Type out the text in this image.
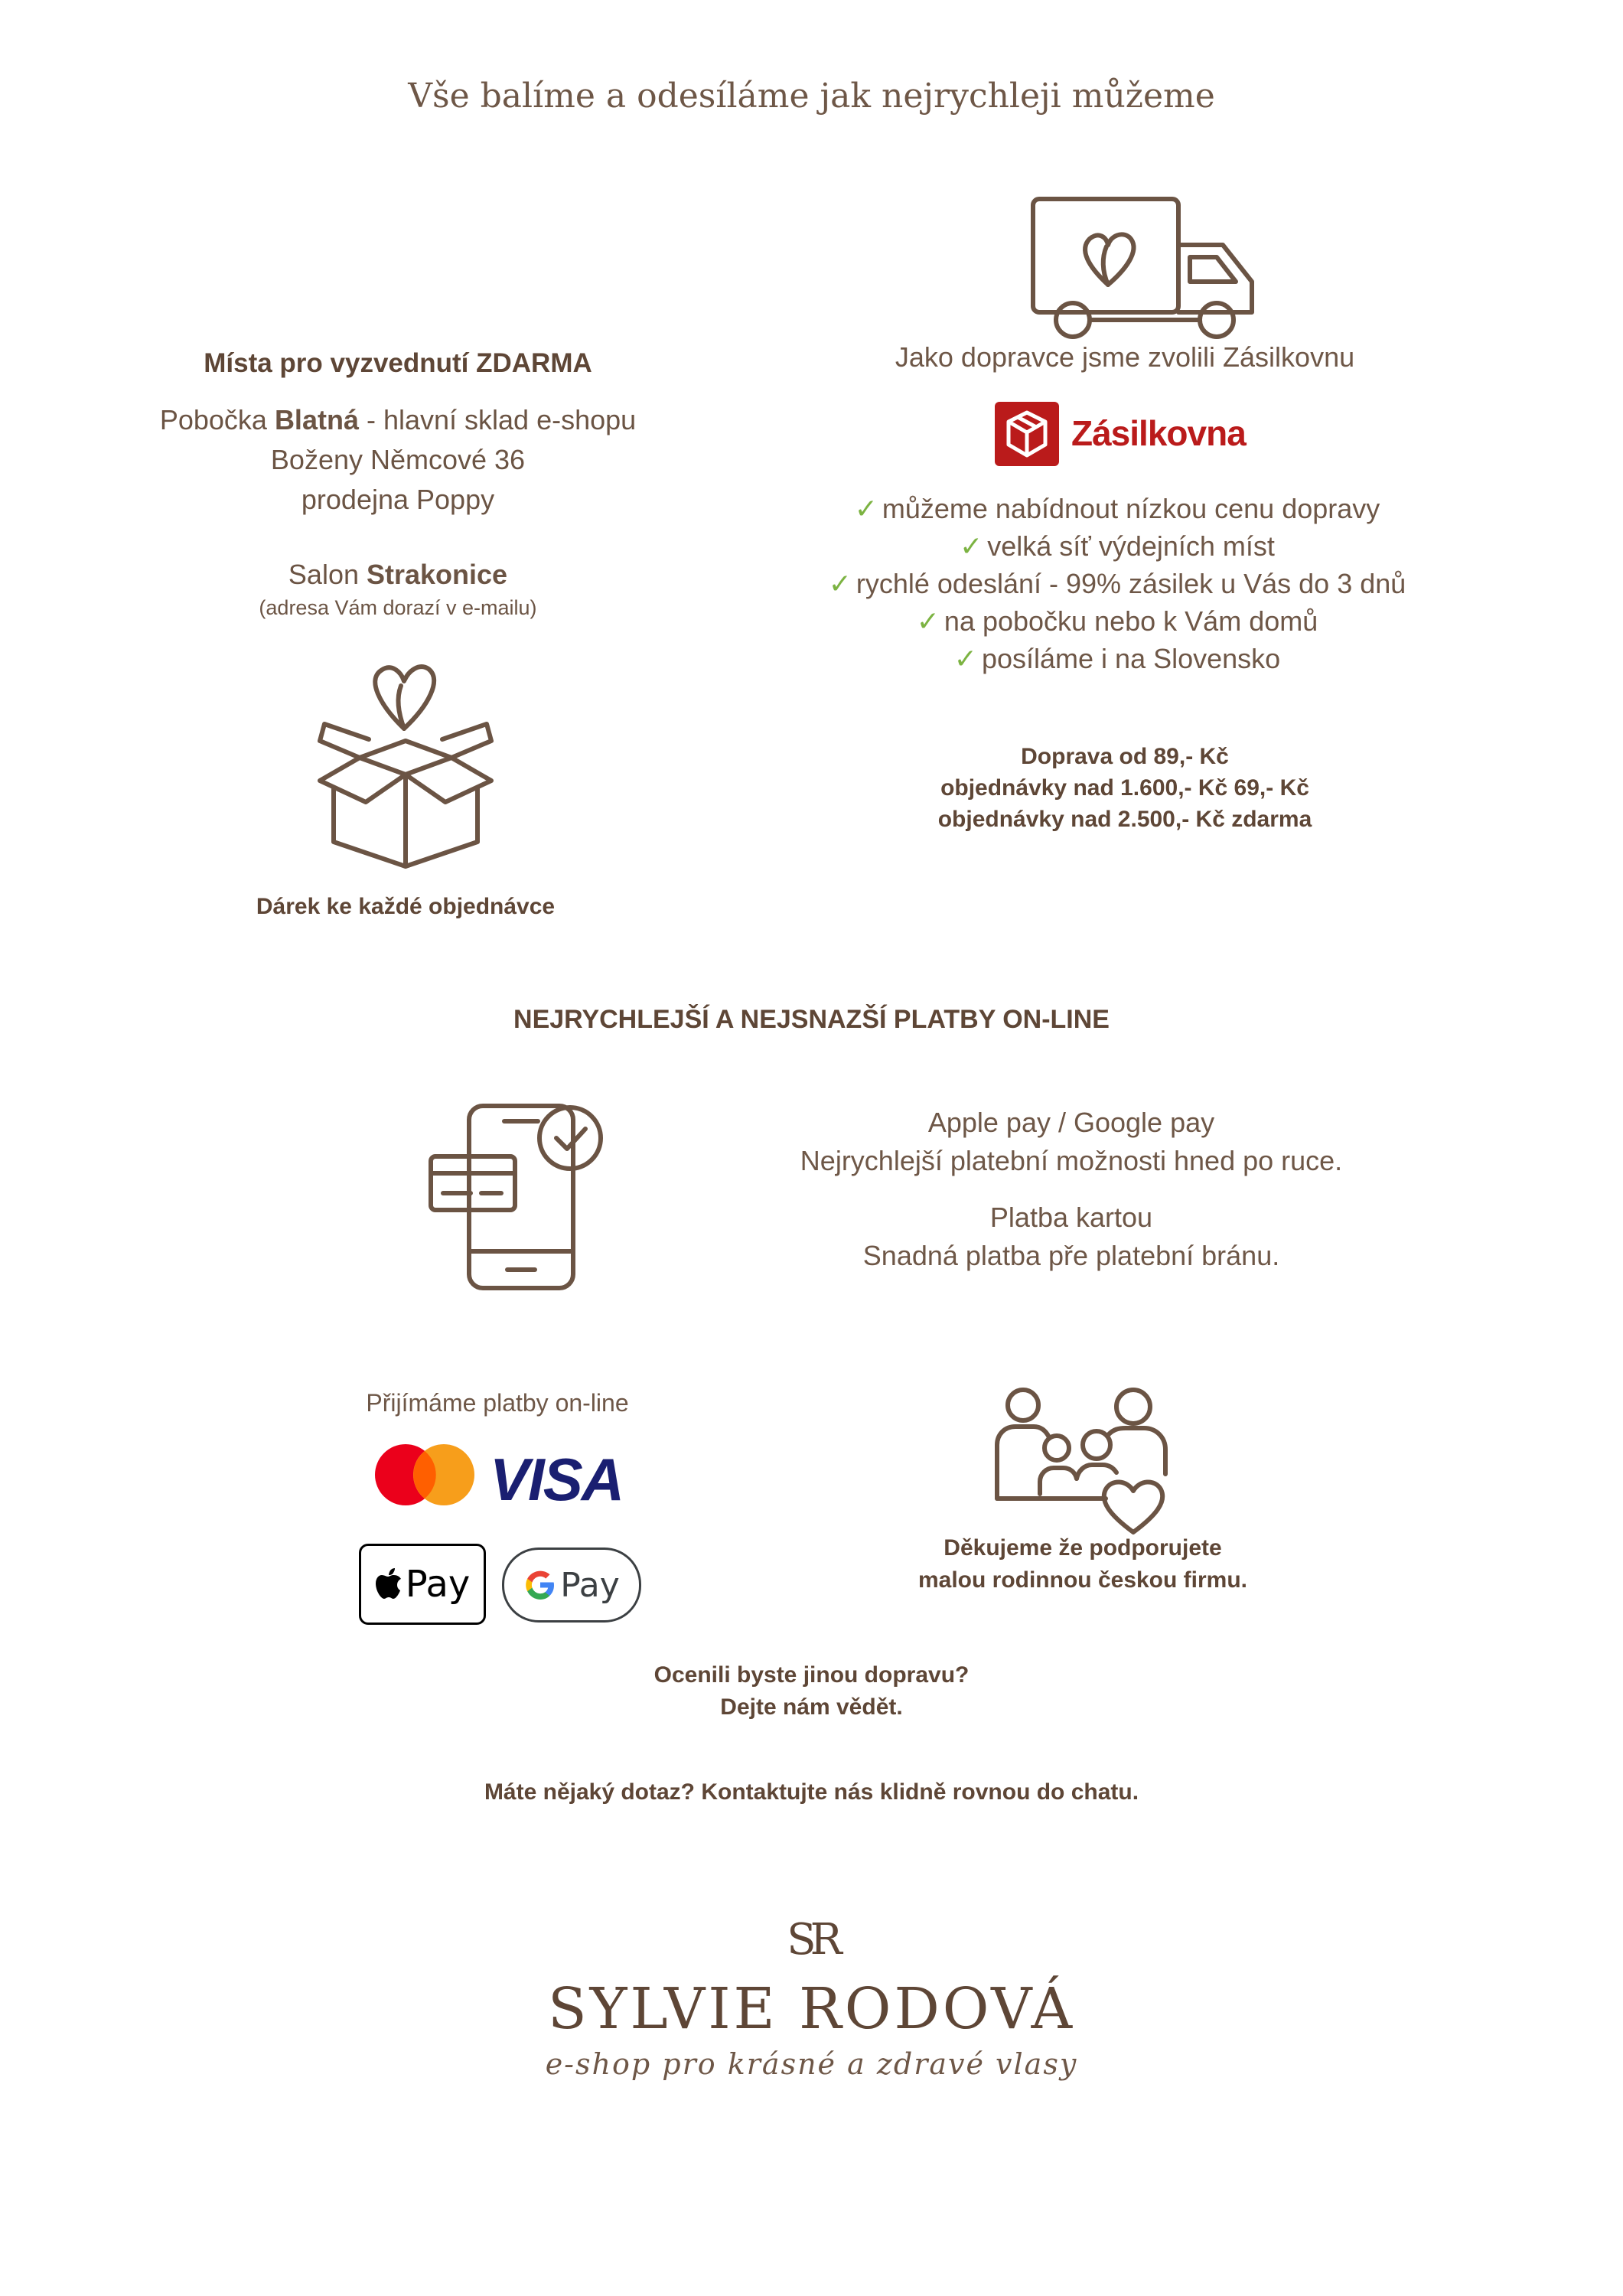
Vše balíme a odesíláme jak nejrychleji můžeme
Místa pro vyzvednutí ZDARMA
Pobočka Blatná - hlavní sklad e-shopu
Boženy Němcové 36
prodejna Poppy
Salon Strakonice
(adresa Vám dorazí v e-mailu)
Dárek ke každé objednávce
Jako dopravce jsme zvolili Zásilkovnu
Zásilkovna
✓ můžeme nabídnout nízkou cenu dopravy
✓ velká síť výdejních míst
✓ rychlé odeslání - 99% zásilek u Vás do 3 dnů
✓ na pobočku nebo k Vám domů
✓ posíláme i na Slovensko
Doprava od 89,- Kč
objednávky nad 1.600,- Kč 69,- Kč
objednávky nad 2.500,- Kč zdarma
NEJRYCHLEJŠÍ A NEJSNAZŠÍ PLATBY ON-LINE
Apple pay / Google pay
Nejrychlejší platební možnosti hned po ruce.
Platba kartou
Snadná platba pře platební bránu.
Přijímáme platby on-line
VISA
Pay	Pay
Děkujeme že podporujete
malou rodinnou českou firmu.
Ocenili byste jinou dopravu?
Dejte nám vědět.
Máte nějaký dotaz? Kontaktujte nás klidně rovnou do chatu.
SR
SYLVIE RODOVÁ
e-shop pro krásné a zdravé vlasy
